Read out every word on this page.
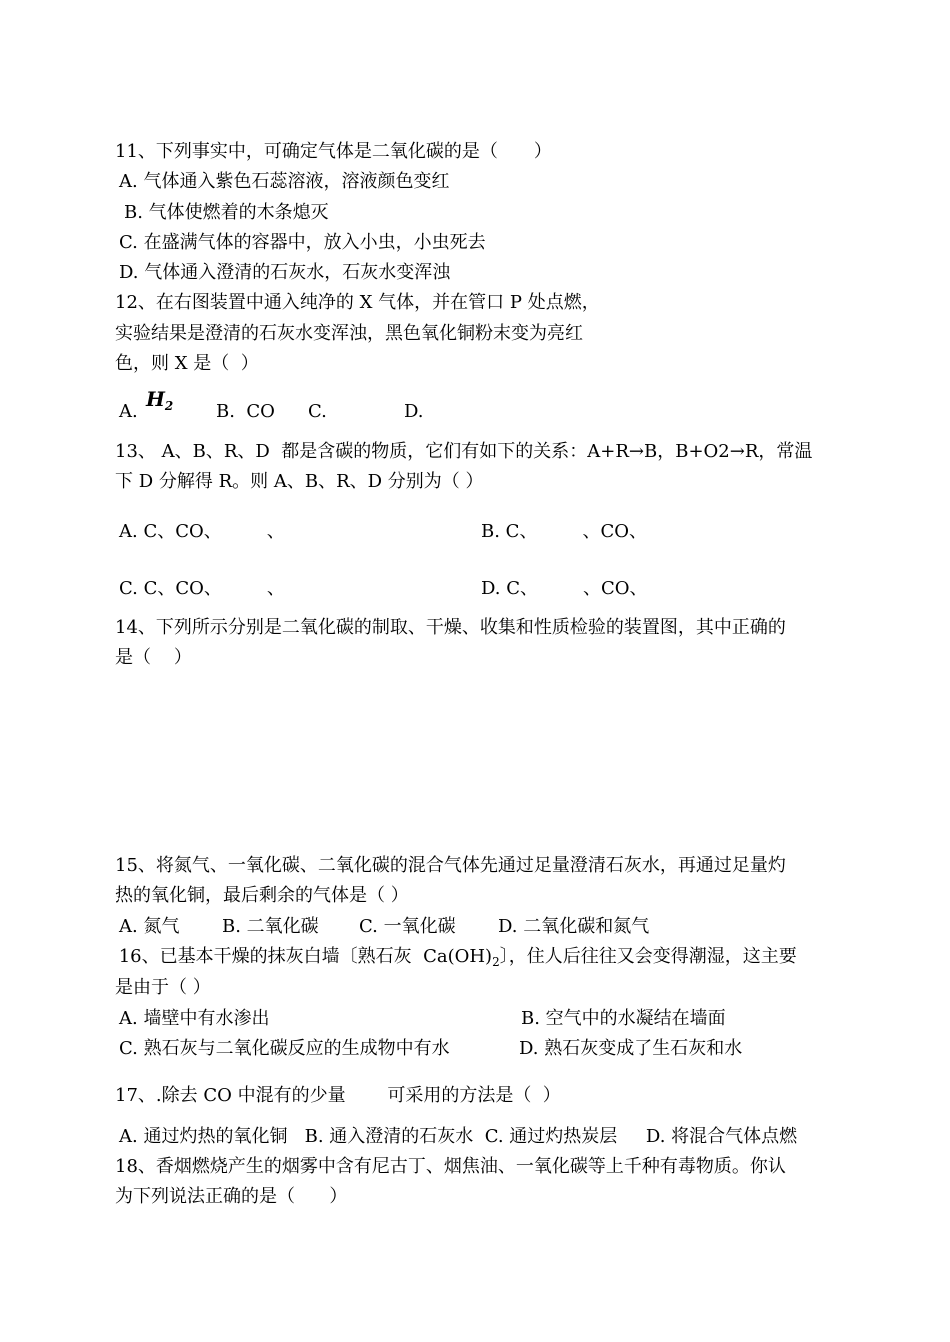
11、下列事实中，可确定气体是二氧化碳的是（　　）
A. 气体通入紫色石蕊溶液，溶液颜色变红
B. 气体使燃着的木条熄灭
C. 在盛满气体的容器中，放入小虫，小虫死去
D. 气体通入澄清的石灰水，石灰水变浑浊
12、在右图装置中通入纯净的 X 气体，并在管口 P 处点燃，
实验结果是澄清的石灰水变浑浊，黑色氧化铜粉末变为亮红
色，则 X 是（  ）
A.
$H_2$ B.  CO C.	D.
13、 A、B、R、D  都是含碳的物质，它们有如下的关系：A+R→B，B+O2→R，常温
下 D 分解得 R。则 A、B、R、D 分别为（ ）
A. C、CO、　　　、	B. C、　　　、CO、
C. C、CO、　　　、	D. C、　　　、CO、
14、下列所示分别是二氧化碳的制取、干燥、收集和性质检验的装置图，其中正确的
是（    ）
15、将氮气、一氧化碳、二氧化碳的混合气体先通过足量澄清石灰水，再通过足量灼
热的氧化铜，最后剩余的气体是（ ）
A. 氮气 B. 二氧化碳 C. 一氧化碳 D. 二氧化碳和氮气
16、已基本干燥的抹灰白墙〔熟石灰  $Ca(OH)_2$〕，住人后往往又会变得潮湿，这主要
是由于（ ）
A. 墙壁中有水渗出	B. 空气中的水凝结在墙面
C. 熟石灰与二氧化碳反应的生成物中有水	D. 熟石灰变成了生石灰和水
17、.除去 CO 中混有的少量　　 可采用的方法是（  ）
A. 通过灼热的氧化铜   B. 通入澄清的石灰水  C. 通过灼热炭层     D. 将混合气体点燃
18、香烟燃烧产生的烟雾中含有尼古丁、烟焦油、一氧化碳等上千种有毒物质。你认
为下列说法正确的是（      ）
